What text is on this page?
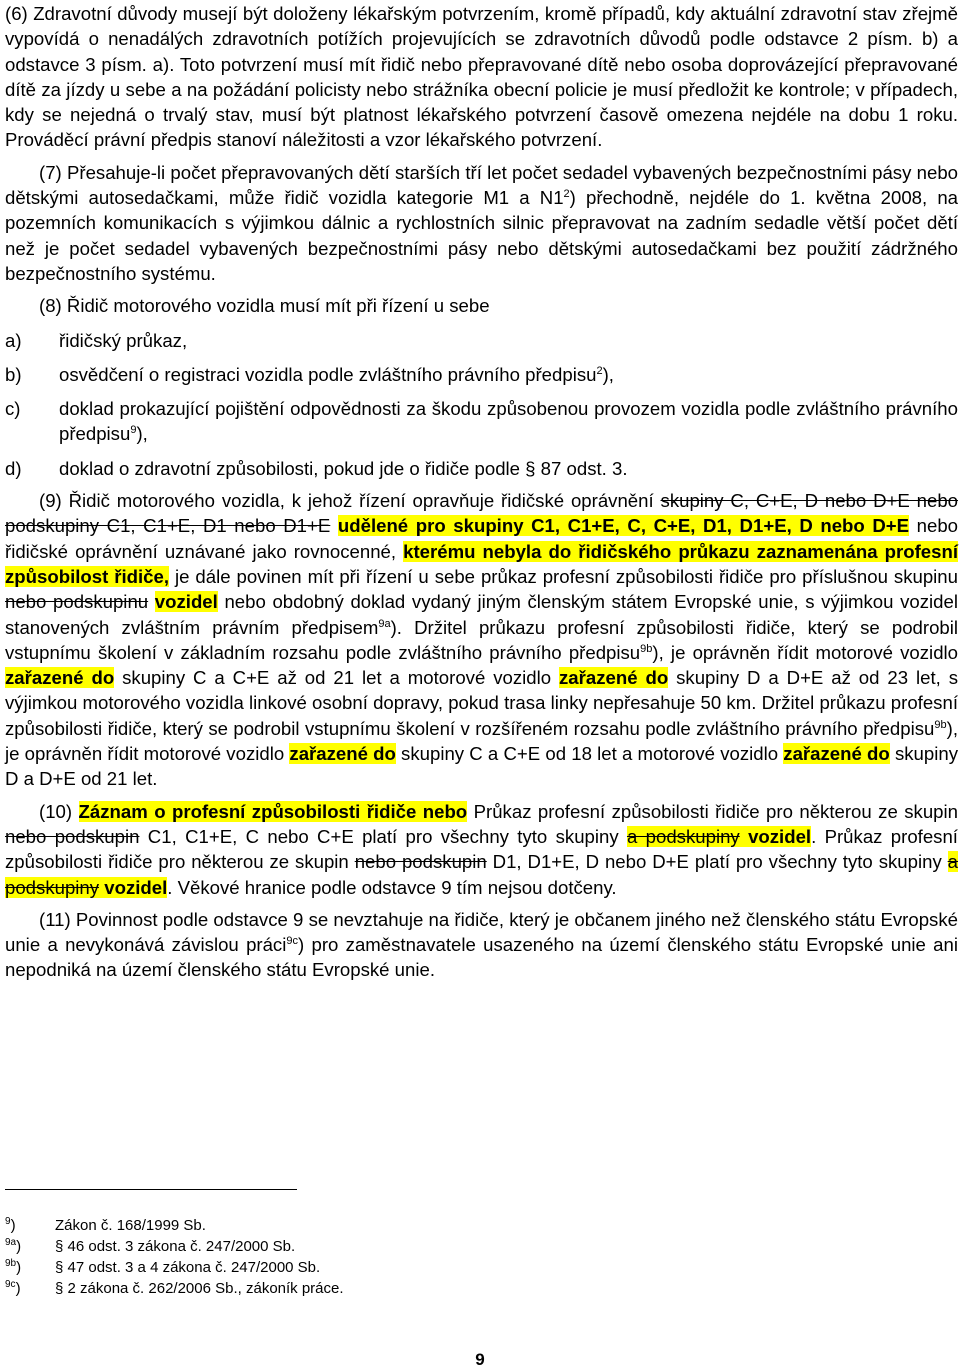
(6) Zdravotní důvody musejí být doloženy lékařským potvrzením, kromě případů, kdy aktuální zdravotní stav zřejmě vypovídá o nenadálých zdravotních potížích projevujících se zdravotních důvodů podle odstavce 2 písm. b) a odstavce 3 písm. a). Toto potvrzení musí mít řidič nebo přepravované dítě nebo osoba doprovázející přepravované dítě za jízdy u sebe a na požádání policisty nebo strážníka obecní policie je musí předložit ke kontrole; v případech, kdy se nejedná o trvalý stav, musí být platnost lékařského potvrzení časově omezena nejdéle na dobu 1 roku. Prováděcí právní předpis stanoví náležitosti a vzor lékařského potvrzení.

(7) Přesahuje-li počet přepravovaných dětí starších tří let počet sedadel vybavených bezpečnostními pásy nebo dětskými autosedačkami, může řidič vozidla kategorie M1 a $N1^2$) přechodně, nejdéle do 1. května 2008, na pozemních komunikacích s výjimkou dálnic a rychlostních silnic přepravovat na zadním sedadle větší počet dětí než je počet sedadel vybavených bezpečnostními pásy nebo dětskými autosedačkami bez použití zádržného bezpečnostního systému.

(8) Řidič motorového vozidla musí mít při řízení u sebe

a)	řidičský průkaz,
b)	osvědčení o registraci vozidla podle zvláštního právního předpisu$^2$),
c)	doklad prokazující pojištění odpovědnosti za škodu způsobenou provozem vozidla podle zvláštního právního předpisu$^9$),
d)	doklad o zdravotní způsobilosti, pokud jde o řidiče podle § 87 odst. 3.

(9) Řidič motorového vozidla, k jehož řízení opravňuje řidičské oprávnění skupiny C, C+E, D nebo D+E nebo podskupiny C1, C1+E, D1 nebo D1+E udělené pro skupiny C1, C1+E, C, C+E, D1, D1+E, D nebo D+E nebo řidičské oprávnění uznávané jako rovnocenné, kterému nebyla do řidičského průkazu zaznamenána profesní způsobilost řidiče, je dále povinen mít při řízení u sebe průkaz profesní způsobilosti řidiče pro příslušnou skupinu nebo podskupinu vozidel nebo obdobný doklad vydaný jiným členským státem Evropské unie, s výjimkou vozidel stanovených zvláštním právním předpisem$^{9a}$). Držitel průkazu profesní způsobilosti řidiče, který se podrobil vstupnímu školení v základním rozsahu podle zvláštního právního předpisu$^{9b}$), je oprávněn řídit motorové vozidlo zařazené do skupiny C a C+E až od 21 let a motorové vozidlo zařazené do skupiny D a D+E až od 23 let, s výjimkou motorového vozidla linkové osobní dopravy, pokud trasa linky nepřesahuje 50 km. Držitel průkazu profesní způsobilosti řidiče, který se podrobil vstupnímu školení v rozšířeném rozsahu podle zvláštního právního předpisu$^{9b}$), je oprávněn řídit motorové vozidlo zařazené do skupiny C a C+E od 18 let a motorové vozidlo zařazené do skupiny D a D+E od 21 let.

(10) Záznam o profesní způsobilosti řidiče nebo Průkaz profesní způsobilosti řidiče pro některou ze skupin nebo podskupin C1, C1+E, C nebo C+E platí pro všechny tyto skupiny a podskupiny vozidel. Průkaz profesní způsobilosti řidiče pro některou ze skupin nebo podskupin D1, D1+E, D nebo D+E platí pro všechny tyto skupiny a podskupiny vozidel. Věkové hranice podle odstavce 9 tím nejsou dotčeny.

(11) Povinnost podle odstavce 9 se nevztahuje na řidiče, který je občanem jiného než členského státu Evropské unie a nevykonává závislou práci$^{9c}$) pro zaměstnavatele usazeného na území členského státu Evropské unie ani nepodniká na území členského státu Evropské unie.

$^9$)	Zákon č. 168/1999 Sb.
$^{9a}$) § 46 odst. 3 zákona č. 247/2000 Sb.
$^{9b}$) § 47 odst. 3 a 4 zákona č. 247/2000 Sb.
$^{9c}$) § 2 zákona č. 262/2006 Sb., zákoník práce.
9
